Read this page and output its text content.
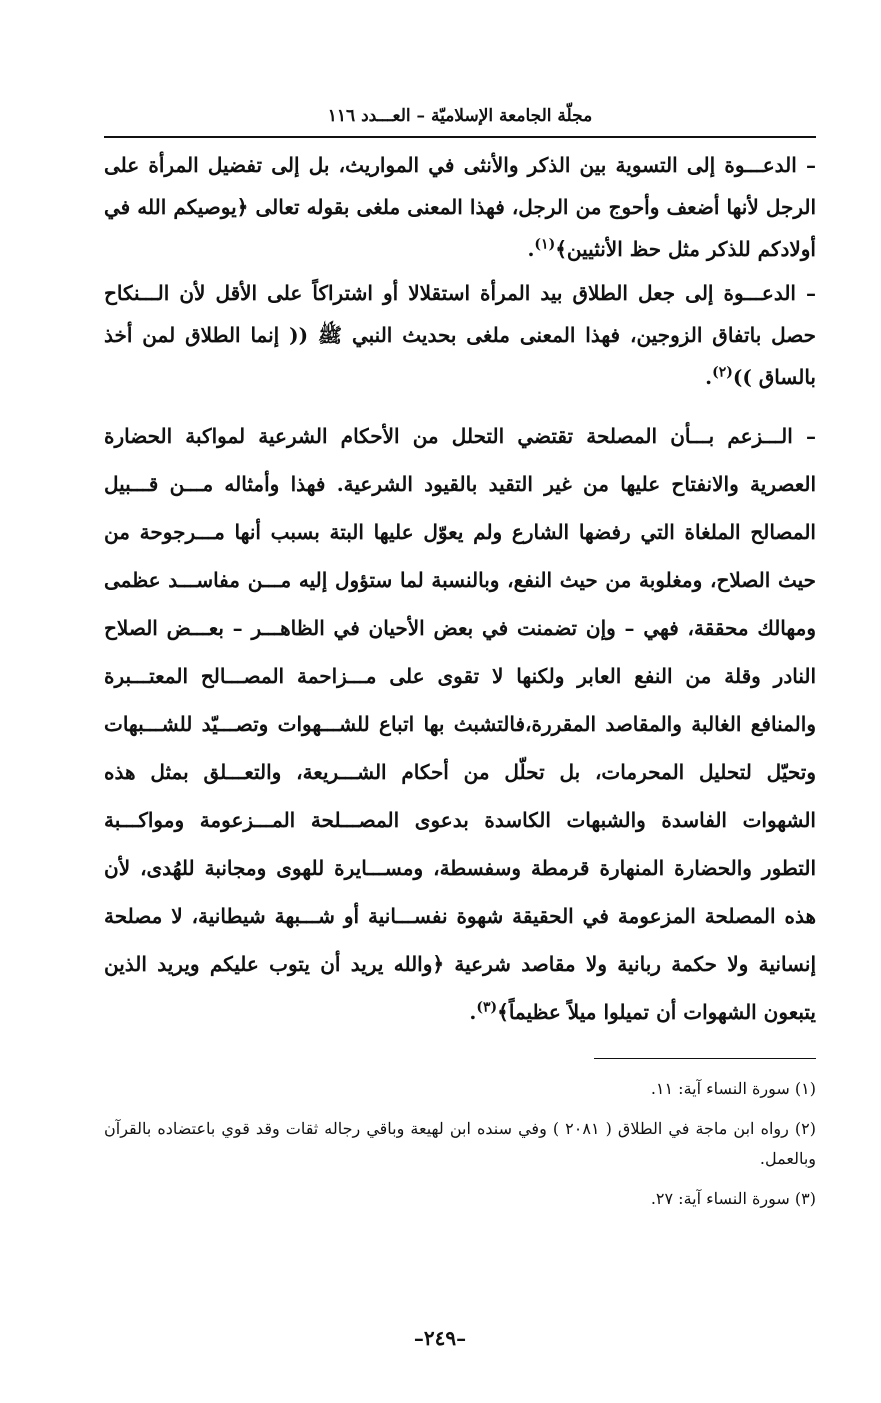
مجلّة الجامعة الإسلاميّة – العـــدد ١١٦

– الدعـــوة إلى التسوية بين الذكر والأنثى في المواريث، بل إلى تفضيل المرأة على الرجل لأنها أضعف وأحوج من الرجل، فهذا المعنى ملغى بقوله تعالى ﴿يوصيكم الله في أولادكم للذكر مثل حظ الأنثيين﴾$^{(١)}$.

– الدعـــوة إلى جعل الطلاق بيد المرأة استقلالا أو اشتراكاً على الأقل لأن الـــنكاح حصل باتفاق الزوجين، فهذا المعنى ملغى بحديث النبي ﷺ (( إنما الطلاق لمن أخذ بالساق ))$^{(٢)}$.

– الـــزعم بـــأن المصلحة تقتضي التحلل من الأحكام الشرعية لمواكبة الحضارة العصرية والانفتاح عليها من غير التقيد بالقيود الشرعية. فهذا وأمثاله مـــن قـــبيل المصالح الملغاة التي رفضها الشارع ولم يعوّل عليها البتة بسبب أنها مـــرجوحة من حيث الصلاح، ومغلوبة من حيث النفع، وبالنسبة لما ستؤول إليه مـــن مفاســـد عظمى ومهالك محققة، فهي – وإن تضمنت في بعض الأحيان في الظاهـــر – بعـــض الصلاح النادر وقلة من النفع العابر ولكنها لا تقوى على مـــزاحمة المصـــالح المعتـــبرة والمنافع الغالبة والمقاصد المقررة،فالتشبث بها اتباع للشـــهوات وتصـــيّد للشـــبهات وتحيّل لتحليل المحرمات، بل تحلّل من أحكام الشـــريعة، والتعـــلق بمثل هذه الشهوات الفاسدة والشبهات الكاسدة بدعوى المصـــلحة المـــزعومة ومواكـــبة التطور والحضارة المنهارة قرمطة وسفسطة، ومســـايرة للهوى ومجانبة للهُدى، لأن هذه المصلحة المزعومة في الحقيقة شهوة نفســـانية أو شـــبهة شيطانية، لا مصلحة إنسانية ولا حكمة ربانية ولا مقاصد شرعية ﴿والله يريد أن يتوب عليكم ويريد الذين يتبعون الشهوات أن تميلوا ميلاً عظيماً﴾$^{(٣)}$.

(١) سورة النساء آية: ١١.

(٢) رواه ابن ماجة في الطلاق ( ٢٠٨١ ) وفي سنده ابن لهيعة وباقي رجاله ثقات وقد قوي باعتضاده بالقرآن وبالعمل.

(٣) سورة النساء آية: ٢٧.

–٢٤٩–
